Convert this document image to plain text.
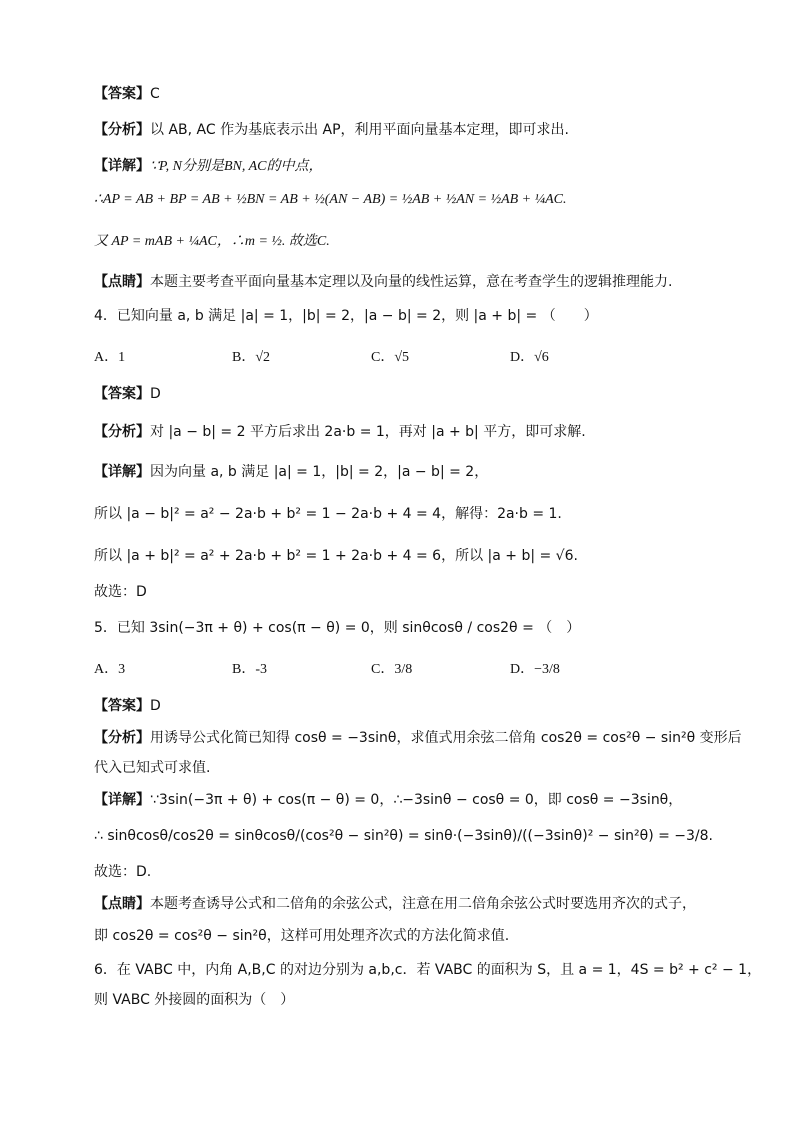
【答案】C
【分析】以 AB, AC 作为基底表示出 AP，利用平面向量基本定理，即可求出.
【详解】∵P, N分别是BN, AC的中点，
∴AP = AB + BP = AB + ½BN = AB + ½(AN − AB) = ½AB + ½AN = ½AB + ¼AC.
又 AP = mAB + ¼AC，∴m = ½. 故选C.
【点睛】本题主要考查平面向量基本定理以及向量的线性运算，意在考查学生的逻辑推理能力.
4．已知向量 a, b 满足 |a| = 1，|b| = 2，|a − b| = 2，则 |a + b| = （　　）
A．1	B．√2	C．√5	D．√6
【答案】D
【分析】对 |a − b| = 2 平方后求出 2a·b = 1，再对 |a + b| 平方，即可求解.
【详解】因为向量 a, b 满足 |a| = 1，|b| = 2，|a − b| = 2，
所以 |a − b|² = a² − 2a·b + b² = 1 − 2a·b + 4 = 4，解得：2a·b = 1.
所以 |a + b|² = a² + 2a·b + b² = 1 + 2a·b + 4 = 6，所以 |a + b| = √6.
故选：D
5．已知 3sin(−3π + θ) + cos(π − θ) = 0，则 sinθcosθ / cos2θ = （　）
A．3	B．-3	C．3/8	D．−3/8
【答案】D
【分析】用诱导公式化简已知得 cosθ = −3sinθ，求值式用余弦二倍角 cos2θ = cos²θ − sin²θ 变形后
代入已知式可求值.
【详解】∵3sin(−3π + θ) + cos(π − θ) = 0，∴−3sinθ − cosθ = 0，即 cosθ = −3sinθ，
∴ sinθcosθ/cos2θ = sinθcosθ/(cos²θ − sin²θ) = sinθ·(−3sinθ)/((−3sinθ)² − sin²θ) = −3/8.
故选：D.
【点睛】本题考查诱导公式和二倍角的余弦公式，注意在用二倍角余弦公式时要选用齐次的式子，
即 cos2θ = cos²θ − sin²θ，这样可用处理齐次式的方法化简求值.
6．在 VABC 中，内角 A,B,C 的对边分别为 a,b,c．若 VABC 的面积为 S，且 a = 1，4S = b² + c² − 1，
则 VABC 外接圆的面积为（　）
